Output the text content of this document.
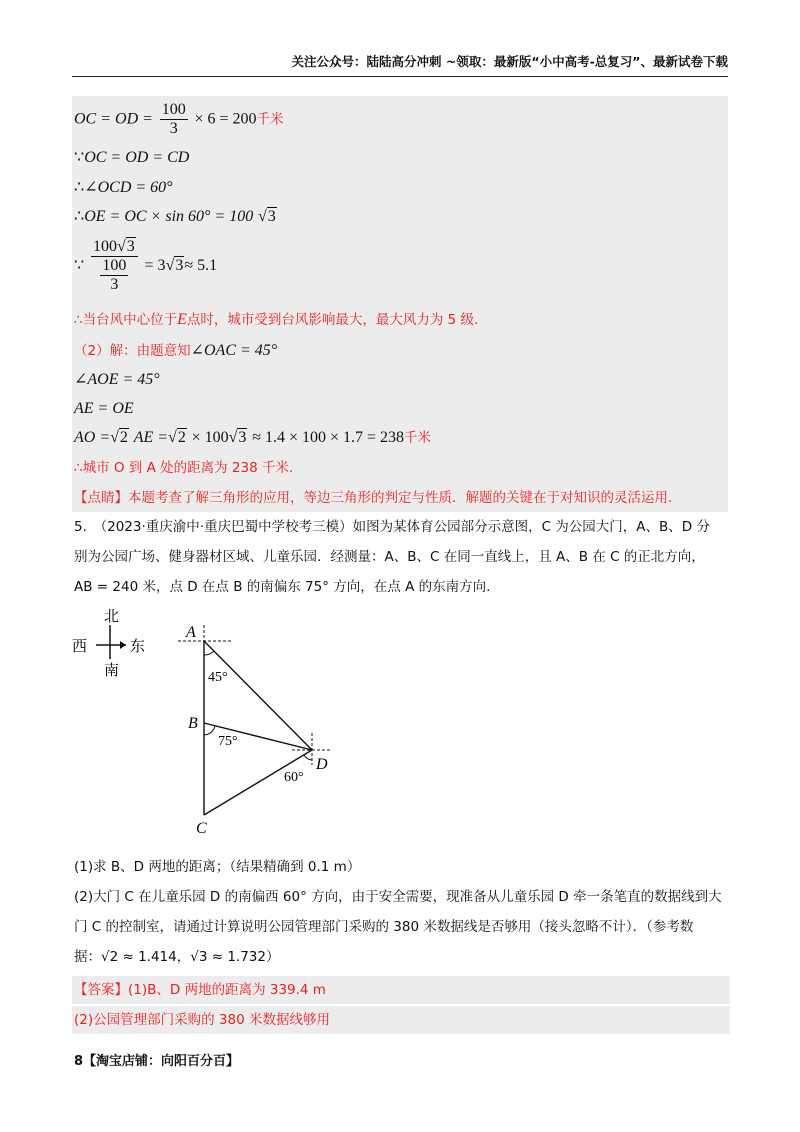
关注公众号：陆陆高分冲刺 ~领取：最新版“小中高考-总复习”、最新试卷下载
OC = OD = $\frac{100}{3} \times 6 = 200$千米
∵OC = OD = CD
∴∠OCD = 60°
∴OE = OC × sin 60° = 100 √3
∵ $\frac{100√3}{\frac{100}{3}} = 3√3\approx 5.1$
∴当台风中心位于E点时，城市受到台风影响最大，最大风力为 5 级.
（2）解：由题意知∠OAC = 45°
∠AOE = 45°
AE = OE
AO =√2 AE =√2 × 100√3 ≈ 1.4 × 100 × 1.7 = 238千米
∴城市 O 到 A 处的距离为 238 千米.
【点睛】本题考查了解三角形的应用，等边三角形的判定与性质．解题的关键在于对知识的灵活运用.
5.　（2023·重庆渝中·重庆巴蜀中学校考三模）如图为某体育公园部分示意图，C 为公园大门，A、B、D 分
别为公园广场、健身器材区域、儿童乐园．经测量：A、B、C 在同一直线上，且 A、B 在 C 的正北方向，
AB = 240 米，点 D 在点 B 的南偏东 75° 方向，在点 A 的东南方向.
北
南
西	东
A
B
C
D
45°
75°
60°
(1)求 B、D 两地的距离；（结果精确到 0.1 m）
(2)大门 C 在儿童乐园 D 的南偏西 60° 方向，由于安全需要，现准备从儿童乐园 D 牵一条笔直的数据线到大
门 C 的控制室，请通过计算说明公园管理部门采购的 380 米数据线是否够用（接头忽略不计）．（参考数
据：√2 ≈ 1.414，√3 ≈ 1.732）
【答案】(1)B、D 两地的距离为 339.4 m
(2)公园管理部门采购的 380 米数据线够用
8【淘宝店铺：向阳百分百】
